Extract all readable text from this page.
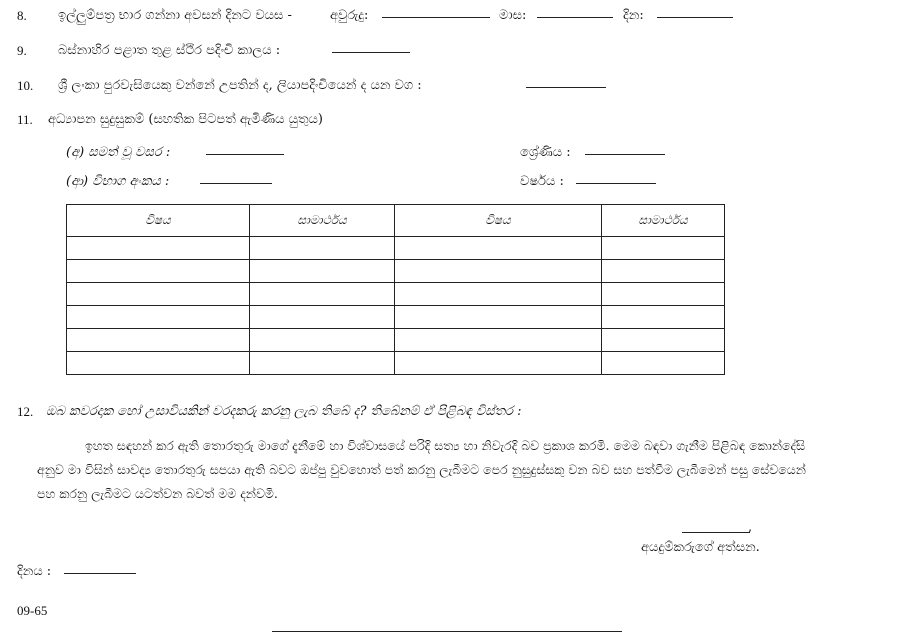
8. ඉල්ලුම්පත්‍ර භාර ගන්නා අවසන් දිනට වයස -	අවුරුදු:	මාස:	දින:
9. බස්නාහිර පළාත තුළ ස්ථිර පදිංචි කාලය :
10. ශ්‍රී ලංකා පුරවැසියෙකු වන්නේ උපතින් ද, ලියාපදිංචියෙන් ද යන වග :
11. අධ්‍යාපන සුදුසුකම් (සහතික පිටපත් ඇමිණිය යුතුය)
(අ) සමත් වූ වසර :	ශ්‍රේණිය :
(ආ) විභාග අංකය :	වර්ෂය :
විෂය	සාමාර්ථය	විෂය	සාමාර්ථය

12. ඔබ කවරදාක හෝ උසාවියකින් වරදකරු කරනු ලැබ තිබේ ද? තිබේනම් ඒ පිළිබඳ විස්තර :
ඉහත සඳහන් කර ඇති තොරතුරු මාගේ දැනීමේ හා විශ්වාසයේ පරිදි සත්‍ය හා නිවැරදි බව ප්‍රකාශ කරමි. මෙම බඳවා ගැනීම පිළිබඳ කොන්දේසි අනුව මා විසින් සාවද්‍ය තොරතුරු සපයා ඇති බවට ඔප්පු වුවහොත් පත් කරනු ලැබීමට පෙර නුසුදුස්සකු වන බව සහ පත්වීම ලැබීමෙන් පසු සේවයෙන් පහ කරනු ලැබීමට යටත්වන බවත් මම දන්වමි.
,
අයදුම්කරුගේ අත්සන.
දිනය :
09-65
